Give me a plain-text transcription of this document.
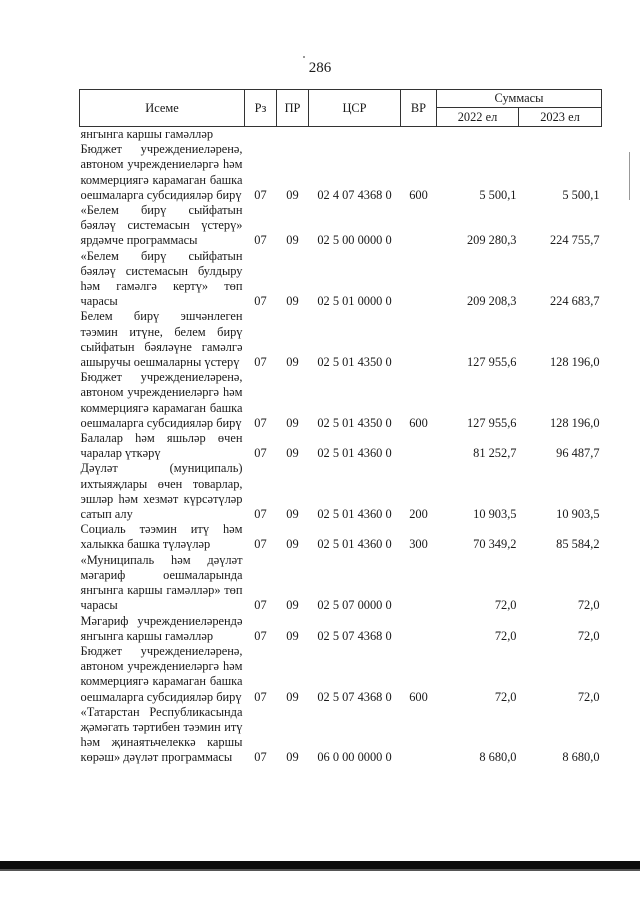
286
Исеме	Рз	ПР	ЦСР	ВР	Суммасы	
					2022 ел	2023 ел
янгынга каршы гамәлләр						
Бюджет учреждениеләренә, автоном учреждениеләргә һәм коммерциягә карамаган башка оешмаларга субсидияләр бирү	07	09	02 4 07 4368 0	600	5 500,1	5 500,1
«Белем бирү сыйфатын бәяләү системасын үстерү» ярдәмче программасы	07	09	02 5 00 0000 0		209 280,3	224 755,7
«Белем бирү сыйфатын бәяләү системасын булдыру һәм гамәлгә кертү» төп чарасы	07	09	02 5 01 0000 0		209 208,3	224 683,7
Белем бирү эшчәнлеген тәэмин итүне, белем бирү сыйфатын бәяләүне гамәлгә ашыручы оешмаларны үстерү	07	09	02 5 01 4350 0		127 955,6	128 196,0
Бюджет учреждениеләренә, автоном учреждениеләргә һәм коммерциягә карамаган башка оешмаларга субсидияләр бирү	07	09	02 5 01 4350 0	600	127 955,6	128 196,0
Балалар һәм яшьләр өчен чаралар үткәрү	07	09	02 5 01 4360 0		81 252,7	96 487,7
Дәүләт (муниципаль) ихтыяҗлары өчен товарлар, эшләр һәм хезмәт күрсәтүләр сатып алу	07	09	02 5 01 4360 0	200	10 903,5	10 903,5
Социаль тәэмин итү һәм халыкка башка түләүләр	07	09	02 5 01 4360 0	300	70 349,2	85 584,2
«Муниципаль һәм дәүләт мәгариф оешмаларында янгынга каршы гамәлләр» төп чарасы	07	09	02 5 07 0000 0		72,0	72,0
Мәгариф учреждениеләрендә янгынга каршы гамәлләр	07	09	02 5 07 4368 0		72,0	72,0
Бюджет учреждениеләренә, автоном учреждениеләргә һәм коммерциягә карамаган башка оешмаларга субсидияләр бирү	07	09	02 5 07 4368 0	600	72,0	72,0
«Татарстан Республикасында җәмәгать тәртибен тәэмин итү һәм җинаятьчелеккә каршы көрәш» дәүләт программасы	07	09	06 0 00 0000 0		8 680,0	8 680,0
